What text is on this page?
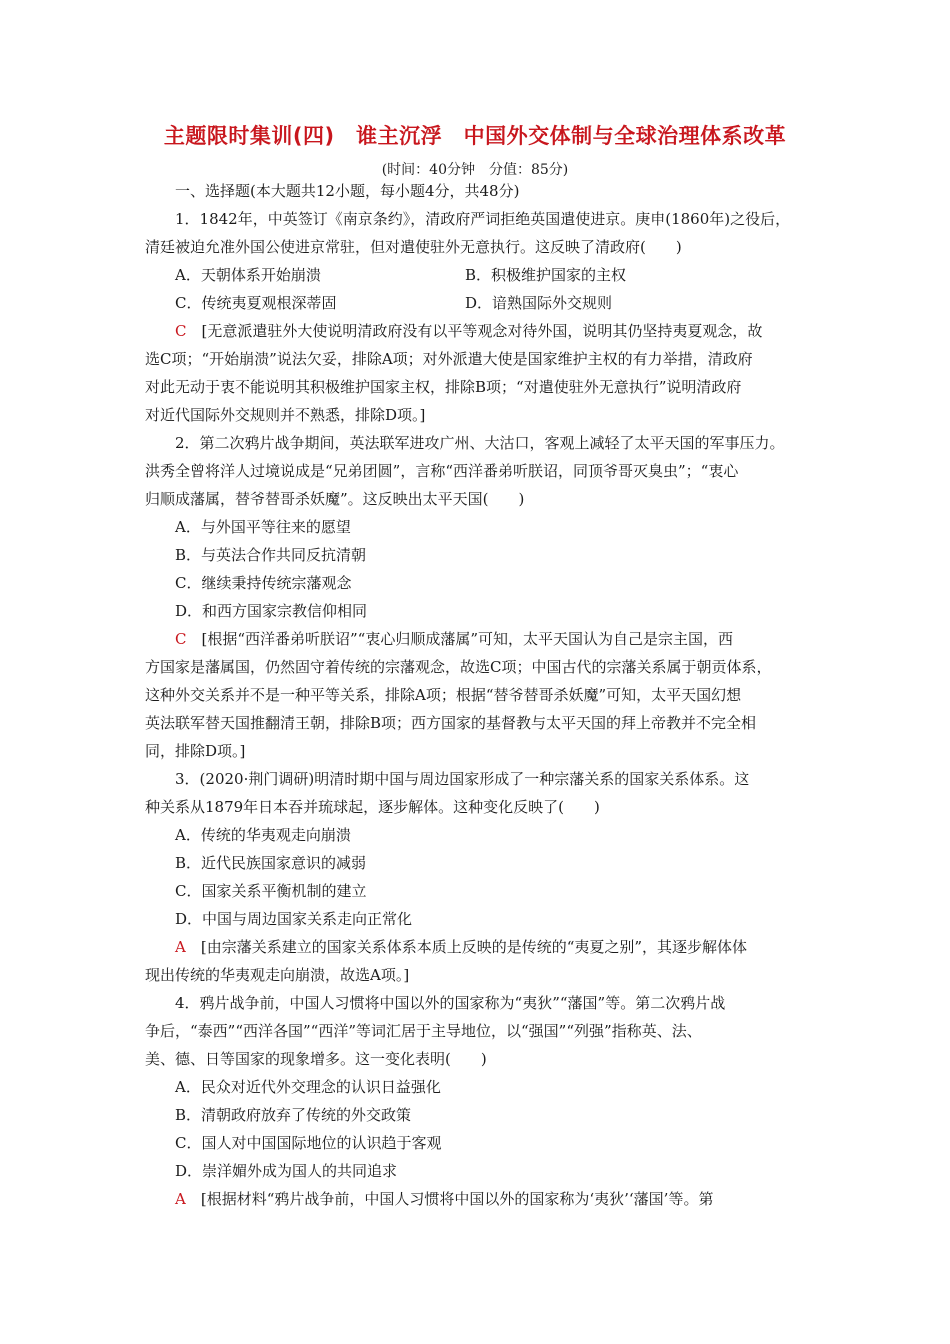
主题限时集训(四)　谁主沉浮　中国外交体制与全球治理体系改革
(时间：40分钟　分值：85分)
一、选择题(本大题共12小题，每小题4分，共48分)
1．1842年，中英签订《南京条约》，清政府严词拒绝英国遣使进京。庚申(1860年)之役后，
清廷被迫允准外国公使进京常驻，但对遣使驻外无意执行。这反映了清政府(　　)
A．天朝体系开始崩溃	B．积极维护国家的主权
C．传统夷夏观根深蒂固	D．谙熟国际外交规则
C　[无意派遣驻外大使说明清政府没有以平等观念对待外国，说明其仍坚持夷夏观念，故
选C项；“开始崩溃”说法欠妥，排除A项；对外派遣大使是国家维护主权的有力举措，清政府
对此无动于衷不能说明其积极维护国家主权，排除B项；“对遣使驻外无意执行”说明清政府
对近代国际外交规则并不熟悉，排除D项。]
2．第二次鸦片战争期间，英法联军进攻广州、大沽口，客观上减轻了太平天国的军事压力。
洪秀全曾将洋人过境说成是“兄弟团圆”，言称“西洋番弟听朕诏，同顶爷哥灭臭虫”；“衷心
归顺成藩属，替爷替哥杀妖魔”。这反映出太平天国(　　)
A．与外国平等往来的愿望
B．与英法合作共同反抗清朝
C．继续秉持传统宗藩观念
D．和西方国家宗教信仰相同
C　[根据“西洋番弟听朕诏”“衷心归顺成藩属”可知，太平天国认为自己是宗主国，西
方国家是藩属国，仍然固守着传统的宗藩观念，故选C项；中国古代的宗藩关系属于朝贡体系，
这种外交关系并不是一种平等关系，排除A项；根据“替爷替哥杀妖魔”可知，太平天国幻想
英法联军替天国推翻清王朝，排除B项；西方国家的基督教与太平天国的拜上帝教并不完全相
同，排除D项。]
3．(2020·荆门调研)明清时期中国与周边国家形成了一种宗藩关系的国家关系体系。这
种关系从1879年日本吞并琉球起，逐步解体。这种变化反映了(　　)
A．传统的华夷观走向崩溃
B．近代民族国家意识的减弱
C．国家关系平衡机制的建立
D．中国与周边国家关系走向正常化
A　[由宗藩关系建立的国家关系体系本质上反映的是传统的“夷夏之别”，其逐步解体体
现出传统的华夷观走向崩溃，故选A项。]
4．鸦片战争前，中国人习惯将中国以外的国家称为“夷狄”“藩国”等。第二次鸦片战
争后，“泰西”“西洋各国”“西洋”等词汇居于主导地位，以“强国”“列强”指称英、法、
美、德、日等国家的现象增多。这一变化表明(　　)
A．民众对近代外交理念的认识日益强化
B．清朝政府放弃了传统的外交政策
C．国人对中国国际地位的认识趋于客观
D．崇洋媚外成为国人的共同追求
A　[根据材料“鸦片战争前，中国人习惯将中国以外的国家称为‘夷狄’‘藩国’等。第
